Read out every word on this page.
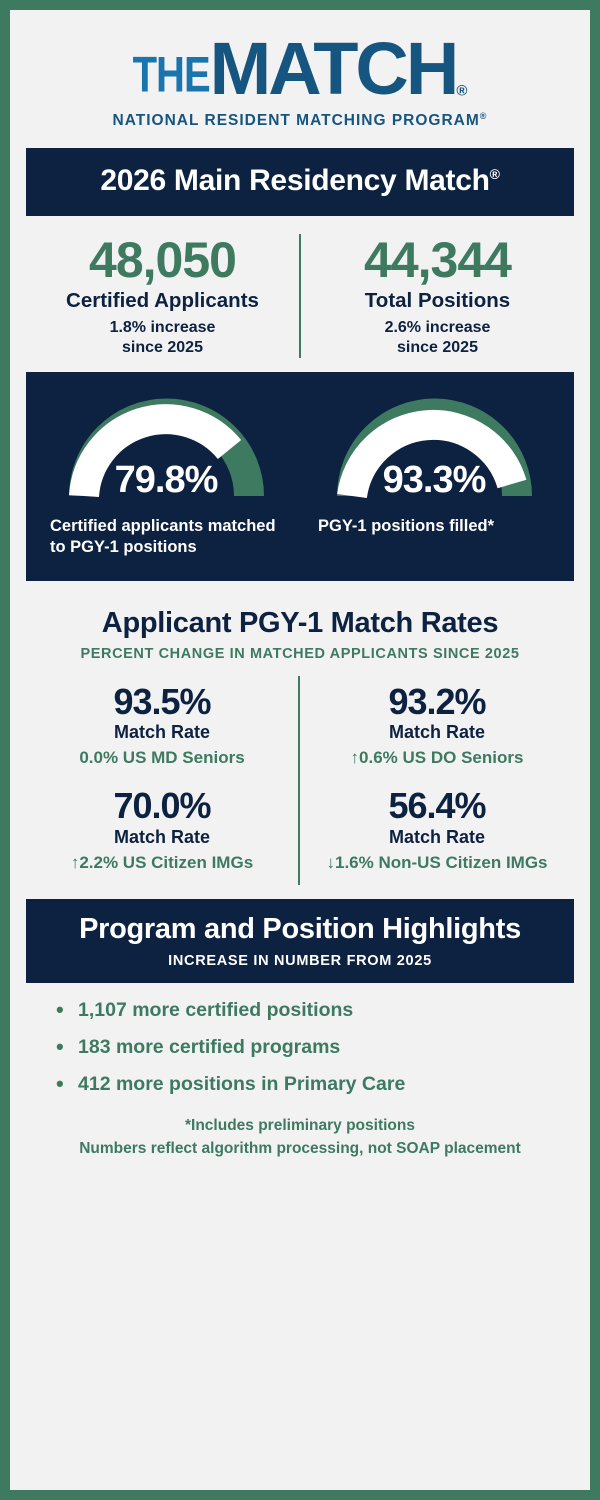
THEMATCH®
NATIONAL RESIDENT MATCHING PROGRAM®
2026 Main Residency Match®
48,050
Certified Applicants
1.8% increase
since 2025
44,344
Total Positions
2.6% increase
since 2025
79.8%
Certified applicants matched to PGY-1 positions
93.3%
PGY-1 positions filled*
Applicant PGY-1 Match Rates
PERCENT CHANGE IN MATCHED APPLICANTS SINCE 2025
93.5%
Match Rate
0.0% US MD Seniors
93.2%
Match Rate
↑0.6% US DO Seniors
70.0%
Match Rate
↑2.2% US Citizen IMGs
56.4%
Match Rate
↓1.6% Non-US Citizen IMGs
Program and Position Highlights
INCREASE IN NUMBER FROM 2025
• 1,107 more certified positions
• 183 more certified programs
• 412 more positions in Primary Care
*Includes preliminary positions
Numbers reflect algorithm processing, not SOAP placement
